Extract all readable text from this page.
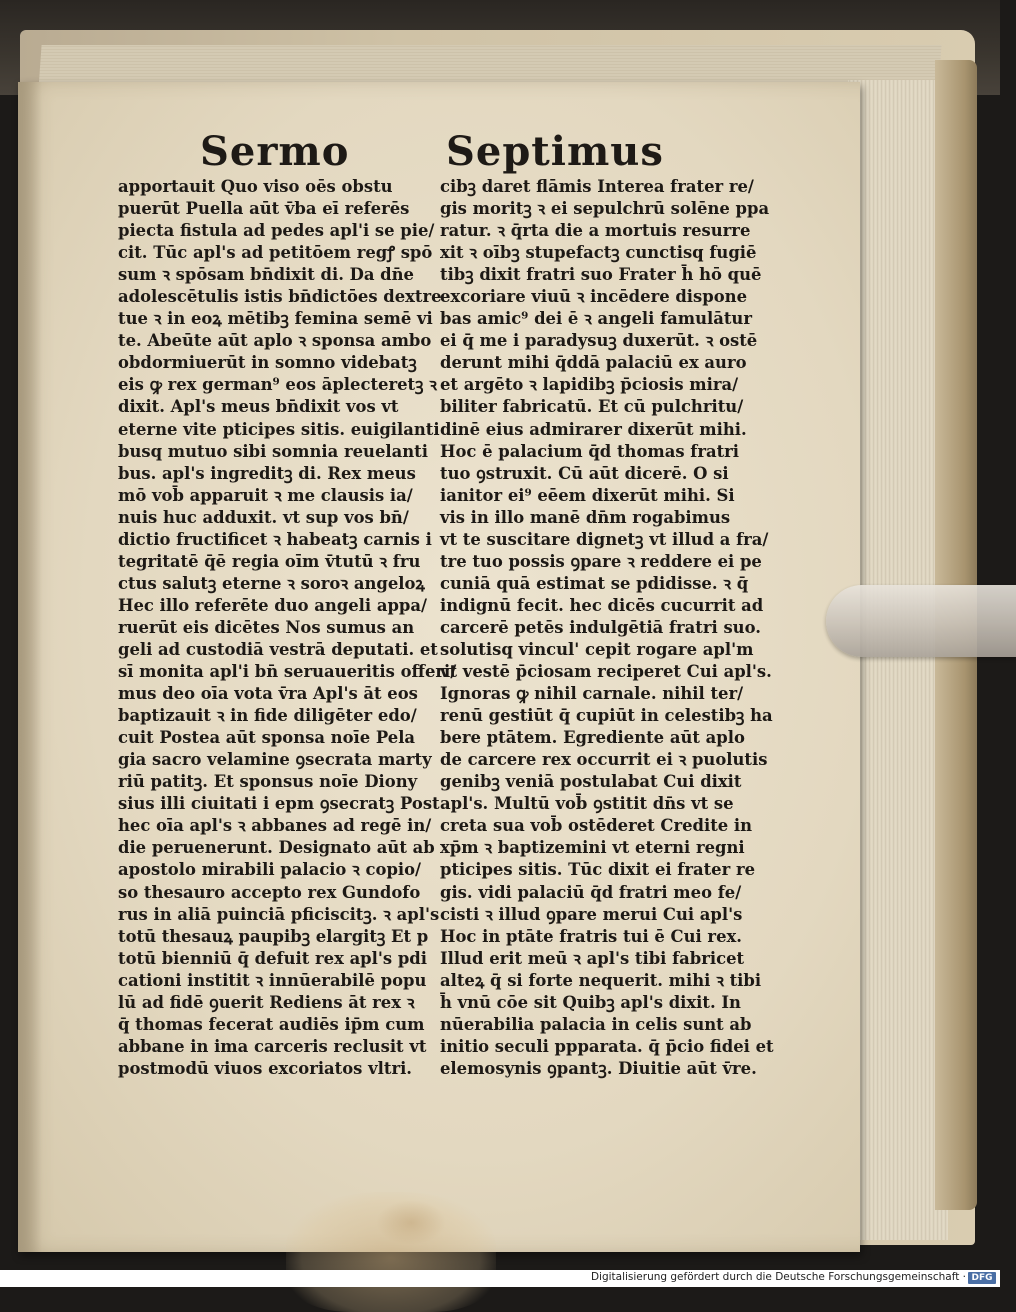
Sermo Septimus
apportauit Quo viso oēs obstu
puerūt Puella aūt v̄ba eī referēs
piecta fistula ad pedes apl'i se pie/
cit. Tūc apl's ad petitōem regꝭ spō
sum ꝛ spōsam bn̄dixit di. Da dn̄e
adolescētulis istis bn̄dictōes dextre
tue ꝛ in eoꝝ mētibꝫ femina semē vi
te. Abeūte aūt aplo ꝛ sponsa ambo
obdormiuerūt in somno videbatꝫ
eis ꝙ rex german⁹ eos āplecteretꝫ ꝛ
dixit. Apl's meus bn̄dixit vos vt
eterne vite pticipes sitis. euigilanti
busq mutuo sibi somnia reuelanti
bus. apl's ingreditꝫ di. Rex meus
mō vob̄ apparuit ꝛ me clausis ia/
nuis huc adduxit. vt sup vos bn̄/
dictio fructificet ꝛ habeatꝫ carnis i
tegritatē q̄ē regia oīm v̄tutū ꝛ fru
ctus salutꝫ eterne ꝛ soroꝛ angeloꝝ
Hec illo referēte duo angeli appa/
ruerūt eis dicētes Nos sumus an
geli ad custodiā vestrā deputati. et
sī monita apl'i bn̄ seruaueritis offeri/
mus deo oīa vota v̄ra Apl's āt eos
baptizauit ꝛ in fide diligēter edo/
cuit Postea aūt sponsa noīe Pela
gia sacro velamine ꝯsecrata marty
riū patitꝫ. Et sponsus noīe Diony
sius illi ciuitati i epm ꝯsecratꝫ Post
hec oīa apl's ꝛ abbanes ad regē in/
die peruenerunt. Designato aūt ab
apostolo mirabili palacio ꝛ copio/
so thesauro accepto rex Gundofo
rus in aliā puinciā pficiscitꝫ. ꝛ apl's
totū thesauꝝ paupibꝫ elargitꝫ Et p
totū bienniū q̄ defuit rex apl's pdi
cationi institit ꝛ innūerabilē popu
lū ad fidē ꝯuerit Rediens āt rex ꝛ
q̄ thomas fecerat audiēs ip̄m cum
abbane in ima carceris reclusit vt
postmodū viuos excoriatos vltri.
cibꝫ daret flāmis Interea frater re/
gis moritꝫ ꝛ ei sepulchrū solēne ppa
ratur. ꝛ q̄rta die a mortuis resurre
xit ꝛ oībꝫ stupefactꝫ cunctisq fugiē
tibꝫ dixit fratri suo Frater h̄ hō quē
excoriare viuū ꝛ incēdere dispone
bas amic⁹ dei ē ꝛ angeli famulātur
ei q̄ me i paradysuꝫ duxerūt. ꝛ ostē
derunt mihi q̄ddā palaciū ex auro
et argēto ꝛ lapidibꝫ p̄ciosis mira/
biliter fabricatū. Et cū pulchritu/
dinē eius admirarer dixerūt mihi.
Hoc ē palacium q̄d thomas fratri
tuo ꝯstruxit. Cū aūt dicerē. O si
ianitor ei⁹ eēem dixerūt mihi. Si
vis in illo manē dn̄m rogabimus
vt te suscitare dignetꝫ vt illud a fra/
tre tuo possis ꝯpare ꝛ reddere ei pe
cuniā quā estimat se pdidisse. ꝛ q̄
indignū fecit. hec dicēs cucurrit ad
carcerē petēs indulgētiā fratri suo.
solutisq vincul' cepit rogare apl'm
vt vestē p̄ciosam reciperet Cui apl's.
Ignoras ꝙ nihil carnale. nihil ter/
renū gestiūt q̄ cupiūt in celestibꝫ ha
bere ptātem. Egrediente aūt aplo
de carcere rex occurrit ei ꝛ puolutis
genibꝫ veniā postulabat Cui dixit
apl's. Multū vob̄ ꝯstitit dn̄s vt se
creta sua vob̄ ostēderet Credite in
xp̄m ꝛ baptizemini vt eterni regni
pticipes sitis. Tūc dixit ei frater re
gis. vidi palaciū q̄d fratri meo fe/
cisti ꝛ illud ꝯpare merui Cui apl's
Hoc in ptāte fratris tui ē Cui rex.
Illud erit meū ꝛ apl's tibi fabricet
alteꝝ q̄ si forte nequerit. mihi ꝛ tibi
h̄ vnū cōe sit Quibꝫ apl's dixit. In
nūerabilia palacia in celis sunt ab
initio seculi ppparata. q̄ p̄cio fidei et
elemosynis ꝯpantꝫ. Diuitie aūt v̄re.
Digitalisierung gefördert durch die Deutsche Forschungsgemeinschaft · DFG
